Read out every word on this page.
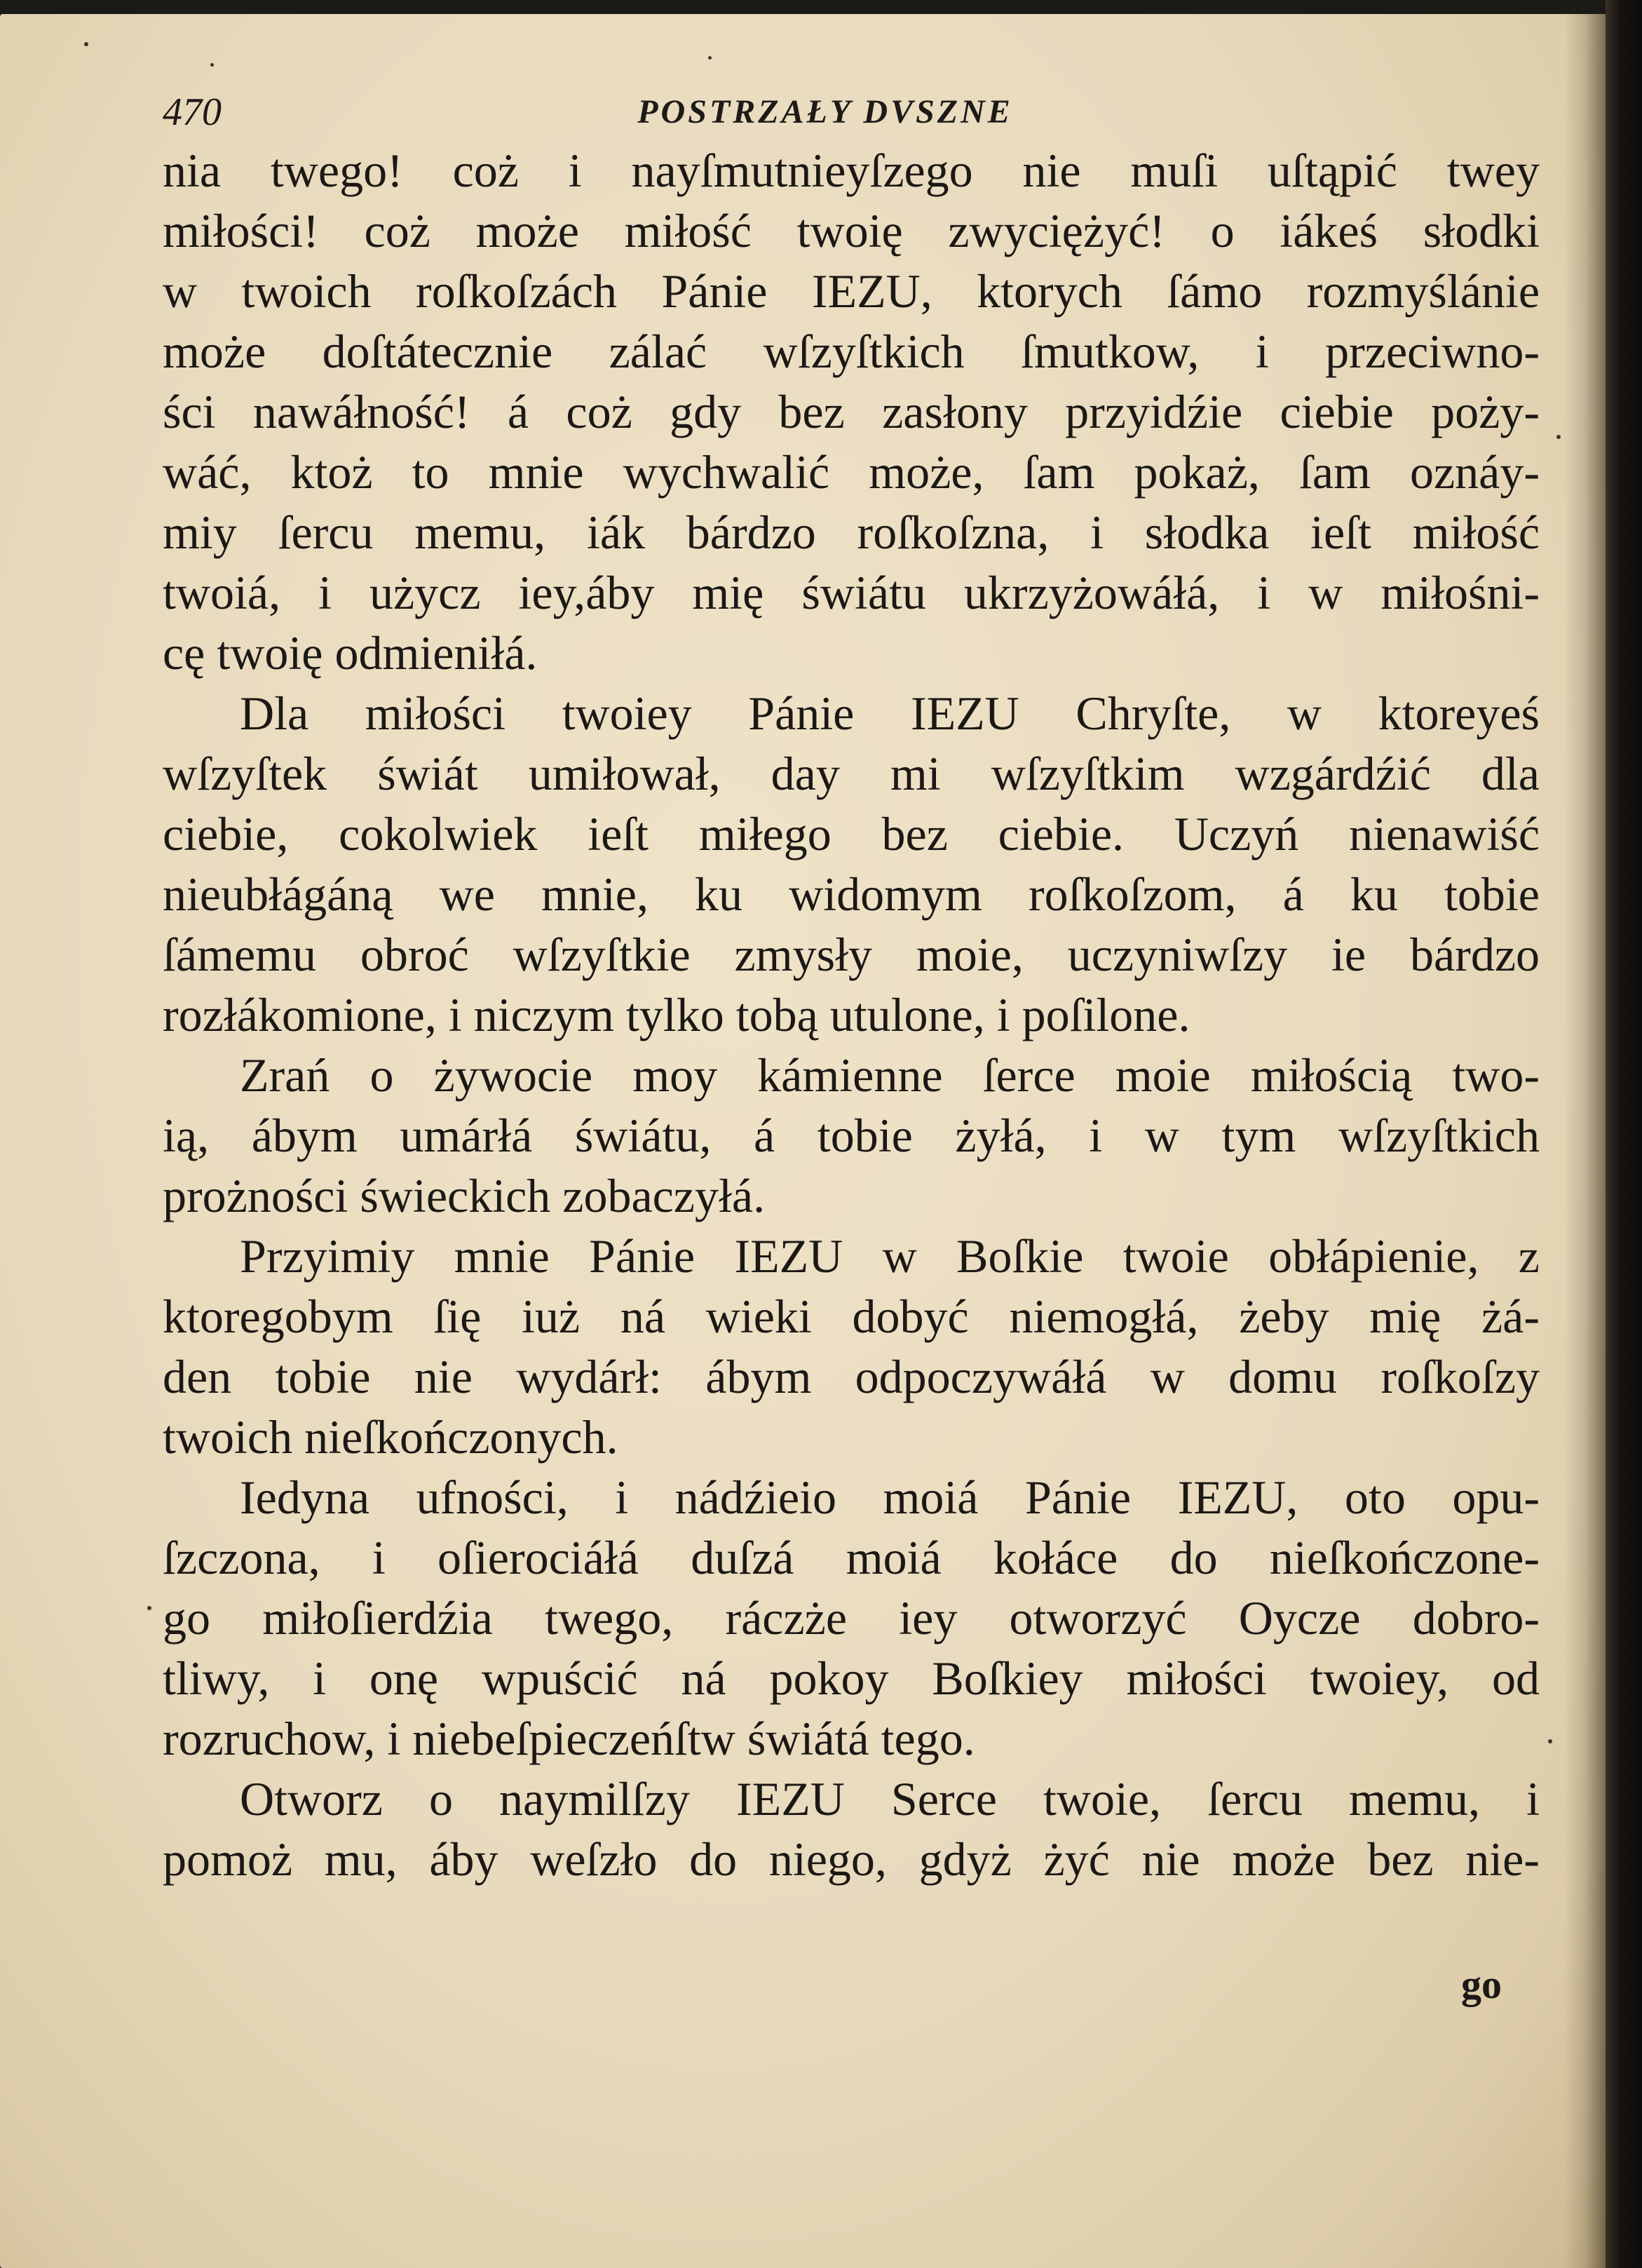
470	POSTRZAŁY DVSZNE
nia twego! coż i nayſmutnieyſzego nie muſi uſtąpić twey
miłości! coż może miłość twoię zwyciężyć! o iákeś słodki
w twoich roſkoſzách Pánie IEZU, ktorych ſámo rozmyślánie
może doſtátecznie zálać wſzyſtkich ſmutkow, i przeciwno-
ści nawáłność! á coż gdy bez zasłony przyidźie ciebie poży-
wáć, ktoż to mnie wychwalić może, ſam pokaż, ſam oznáy-
miy ſercu memu, iák bárdzo roſkoſzna, i słodka ieſt miłość
twoiá, i użycz iey,áby mię świátu ukrzyżowáłá, i w miłośni-
cę twoię odmieniłá.
Dla miłości twoiey Pánie IEZU Chryſte, w ktoreyeś
wſzyſtek świát umiłował, day mi wſzyſtkim wzgárdźić dla
ciebie, cokolwiek ieſt miłego bez ciebie. Uczyń nienawiść
nieubłágáną we mnie, ku widomym roſkoſzom, á ku tobie
ſámemu obroć wſzyſtkie zmysły moie, uczyniwſzy ie bárdzo
rozłákomione, i niczym tylko tobą utulone, i poſilone.
Zrań o żywocie moy kámienne ſerce moie miłością two-
ią, ábym umárłá świátu, á tobie żyłá, i w tym wſzyſtkich
prożności świeckich zobaczyłá.
Przyimiy mnie Pánie IEZU w Boſkie twoie obłápienie, z
ktoregobym ſię iuż ná wieki dobyć niemogłá, żeby mię żá-
den tobie nie wydárł: ábym odpoczywáłá w domu roſkoſzy
twoich nieſkończonych.
Iedyna ufności, i nádźieio moiá Pánie IEZU, oto opu-
ſzczona, i oſierociáłá duſzá moiá kołáce do nieſkończone-
go miłoſierdźia twego, ráczże iey otworzyć Oycze dobro-
tliwy, i onę wpuścić ná pokoy Boſkiey miłości twoiey, od
rozruchow, i niebeſpieczeńſtw świátá tego.
Otworz o naymilſzy IEZU Serce twoie, ſercu memu, i
pomoż mu, áby weſzło do niego, gdyż żyć nie może bez nie-
go
